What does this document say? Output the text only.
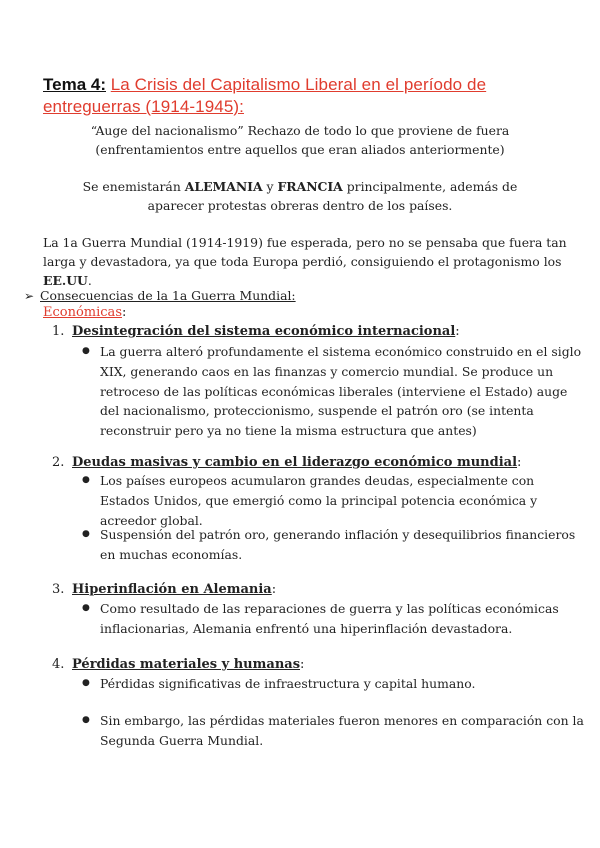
Tema 4: La Crisis del Capitalismo Liberal en el período de entreguerras (1914-1945):

“Auge del nacionalismo” Rechazo de todo lo que proviene de fuera
(enfrentamientos entre aquellos que eran aliados anteriormente)
Se enemistarán ALEMANIA y FRANCIA principalmente, además de aparecer protestas obreras dentro de los países.
La 1a Guerra Mundial (1914-1919) fue esperada, pero no se pensaba que fuera tan larga y devastadora, ya que toda Europa perdió, consiguiendo el protagonismo los EE.UU.
➢ Consecuencias de la 1a Guerra Mundial:
Económicas:
1. Desintegración del sistema económico internacional:
● La guerra alteró profundamente el sistema económico construido en el siglo XIX, generando caos en las finanzas y comercio mundial. Se produce un retroceso de las políticas económicas liberales (interviene el Estado) auge del nacionalismo, proteccionismo, suspende el patrón oro (se intenta reconstruir pero ya no tiene la misma estructura que antes)
2. Deudas masivas y cambio en el liderazgo económico mundial:
● Los países europeos acumularon grandes deudas, especialmente con Estados Unidos, que emergió como la principal potencia económica y acreedor global.
● Suspensión del patrón oro, generando inflación y desequilibrios financieros en muchas economías.
3. Hiperinflación en Alemania:
● Como resultado de las reparaciones de guerra y las políticas económicas inflacionarias, Alemania enfrentó una hiperinflación devastadora.
4. Pérdidas materiales y humanas:
● Pérdidas significativas de infraestructura y capital humano.
● Sin embargo, las pérdidas materiales fueron menores en comparación con la Segunda Guerra Mundial.
